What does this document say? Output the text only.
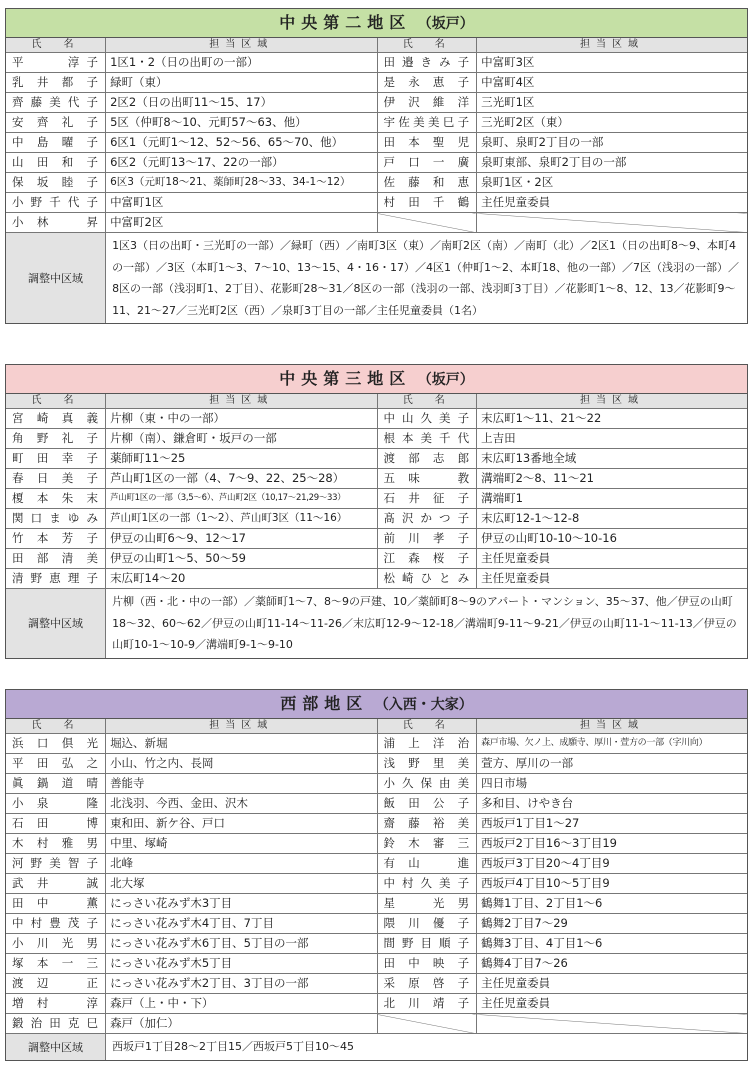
中央第二地区 （坂戸）
氏　名	担当区域	氏　名	担当区域
平　　淳子	1区1・2（日の出町の一部）	田邉きみ子	中富町3区
乳井都子	緑町（東）	是永恵子	中富町4区
齊藤美代子	2区2（日の出町11～15、17）	伊沢維洋	三光町1区
安齊礼子	5区（仲町8～10、元町57～63、他）	宇佐美美巳子	三光町2区（東）
中島曜子	6区1（元町1～12、52～56、65～70、他）	田本聖児	泉町、泉町2丁目の一部
山田和子	6区2（元町13～17、22の一部）	戸口一廣	泉町東部、泉町2丁目の一部
保坂睦子	6区3（元町18～21、薬師町28～33、34-1～12）	佐藤和恵	泉町1区・2区
小野千代子	中富町1区	村田千鶴	主任児童委員
小林　昇	中富町2区		
調整中区域	1区3（日の出町・三光町の一部）／緑町（西）／南町3区（東）／南町2区（南）／南町（北）／2区1（日の出町8～9、本町4の一部）／3区（本町1～3、7～10、13～15、4・16・17）／4区1（仲町1～2、本町18、他の一部）／7区（浅羽の一部）／8区の一部（浅羽町1、2丁目）、花影町28～31／8区の一部（浅羽の一部、浅羽町3丁目）／花影町1～8、12、13／花影町9～11、21～27／三光町2区（西）／泉町3丁目の一部／主任児童委員（1名）		
中央第三地区 （坂戸）
氏　名	担当区域	氏　名	担当区域
宮崎真義	片柳（東・中の一部）	中山久美子	末広町1～11、21～22
角野礼子	片柳（南）、鎌倉町・坂戸の一部	根本美千代	上吉田
町田幸子	薬師町11～25	渡部志郎	末広町13番地全域
春日美子	芦山町1区の一部（4、7～9、22、25～28）	五味　教	溝端町2～8、11～21
榎本朱末	芦山町1区の一部（3,5～6）、芦山町2区（10,17～21,29～33）	石井征子	溝端町1
関口まゆみ	芦山町1区の一部（1～2）、芦山町3区（11～16）	髙沢かつ子	末広町12-1～12-8
竹本芳子	伊豆の山町6～9、12～17	前川孝子	伊豆の山町10-10～10-16
田部清美	伊豆の山町1～5、50～59	江森桜子	主任児童委員
清野恵理子	末広町14～20	松崎ひとみ	主任児童委員
調整中区域	片柳（西・北・中の一部）／薬師町1～7、8～9の戸建、10／薬師町8～9のアパート・マンション、35～37、他／伊豆の山町18～32、60～62／伊豆の山町11-14～11-26／末広町12-9～12-18／溝端町9-11～9-21／伊豆の山町11-1～11-13／伊豆の山町10-1～10-9／溝端町9-1～9-10		
西部地区 （入西・大家）
氏　名	担当区域	氏　名	担当区域
浜口倶光	堀込、新堀	浦上洋治	森戸市場、欠ノ上、成願寺、厚川・萱方の一部（字川向）
平田弘之	小山、竹之内、長岡	浅野里美	萱方、厚川の一部
眞鍋道晴	善能寺	小久保由美	四日市場
小泉　隆	北浅羽、今西、金田、沢木	飯田公子	多和目、けやき台
石田　博	東和田、新ケ谷、戸口	齋藤裕美	西坂戸1丁目1～27
木村雅男	中里、塚崎	鈴木審三	西坂戸2丁目16～3丁目19
河野美智子	北峰	有山　進	西坂戸3丁目20～4丁目9
武井　誠	北大塚	中村久美子	西坂戸4丁目10～5丁目9
田中　薫	にっさい花みず木3丁目	星　光男	鶴舞1丁目、2丁目1～6
中村豊茂子	にっさい花みず木4丁目、7丁目	隈川優子	鶴舞2丁目7～29
小川光男	にっさい花みず木6丁目、5丁目の一部	間野目順子	鶴舞3丁目、4丁目1～6
塚本一三	にっさい花みず木5丁目	田中映子	鶴舞4丁目7～26
渡辺　正	にっさい花みず木2丁目、3丁目の一部	采原啓子	主任児童委員
増村　淳	森戸（上・中・下）	北川靖子	主任児童委員
鍛治田克巳	森戸（加仁）		
調整中区域	西坂戸1丁目28～2丁目15／西坂戸5丁目10～45		
